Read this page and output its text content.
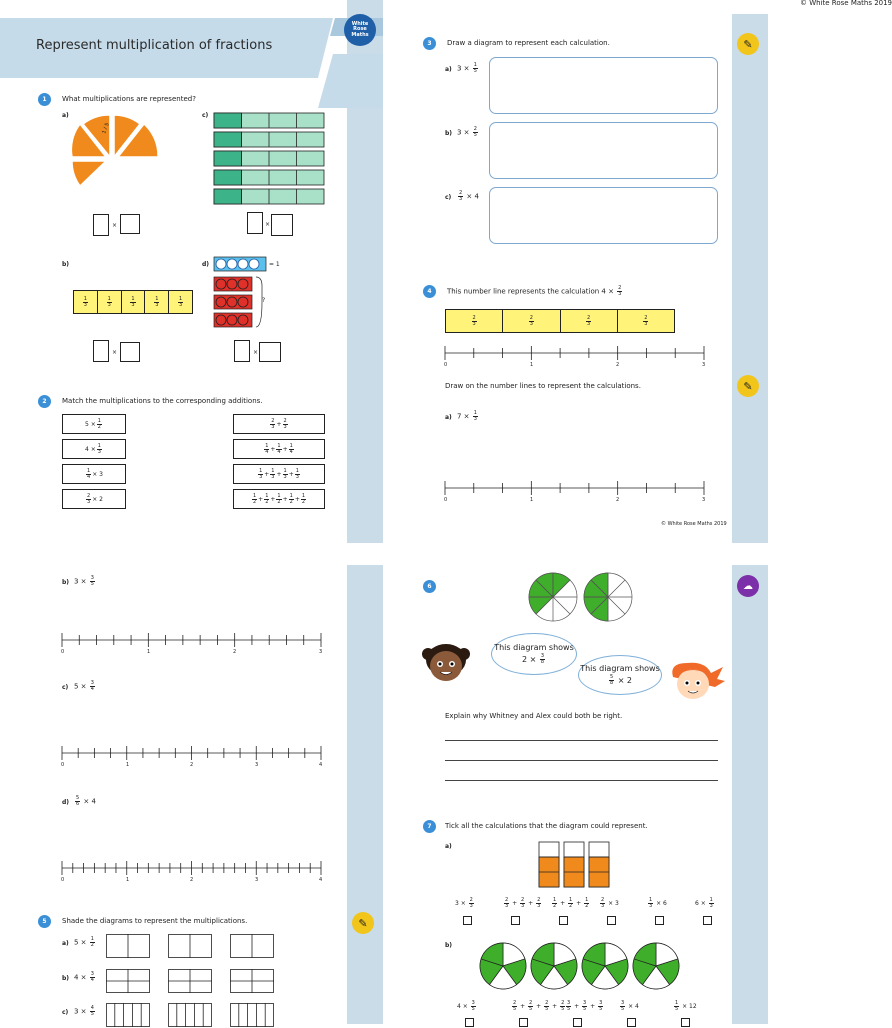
Represent multiplication of fractions
White Rose Maths
1	What multiplications are represented?
a)	c)
b)	d)
1 / 5
×	×
1
3
1
3
1
3
1
3
1
3
= 1
?
×	×
2	Match the multiplications to the corresponding additions.
5 × 1
2
4 × 1
3
1
4 × 3
2
3 × 2
2
3 + 2
3
1
4 + 1
4 + 1
4
1
3 + 1
3 + 1
3 + 1
3
1
2 + 1
2 + 1
2 + 1
2 + 1
2
© White Rose Maths 2019
✎
✎
3	Draw a diagram to represent each calculation.
a) $3 \times \frac{1}{5}$
b) $3 \times \frac{2}{5}$
$c) \frac{2}{3} \times 4$
4	This number line represents the calculation $4 \times \frac{2}{3}$
2
3
2
3
2
3
2
3
0	1	2	3
Draw on the number lines to represent the calculations.
a) $7 \times \frac{1}{3}$
0	1	2	3
© White Rose Maths 2019
✎
b) $3 \times \frac{3}{5}$
0	1	2	3
c) $5 \times \frac{3}{4}$
0	1	2	3	4
$d) \frac{5}{6} \times 4$
0	1	2	3	4
5	Shade the diagrams to represent the multiplications.
a) $5 \times \frac{1}{2}$
b) $4 \times \frac{3}{4}$
c) $3 \times \frac{4}{5}$
☁
6
This diagram shows $2 \times \frac{3}{8}$
This diagram shows
$\frac{5}{8} \times 2$
Explain why Whitney and Alex could both be right.
7	Tick all the calculations that the diagram could represent.
a)
$3 \times \frac{2}{3}$	$\frac{2}{3} + \frac{2}{3} + \frac{2}{3} \frac{1}{2} + \frac{1}{2} + \frac{1}{2} \frac{2}{3} \times 3$	$\frac{1}{3} \times 6$	$6 \times \frac{1}{3}$
b)
$4 \times \frac{3}{5}$	$\frac{2}{5} + \frac{2}{5} + \frac{2}{5} + \frac{2}{5} \frac{3}{5} + \frac{3}{5} + \frac{3}{5}$	$\frac{3}{5} \times 4$	$\frac{1}{5} \times 12$
